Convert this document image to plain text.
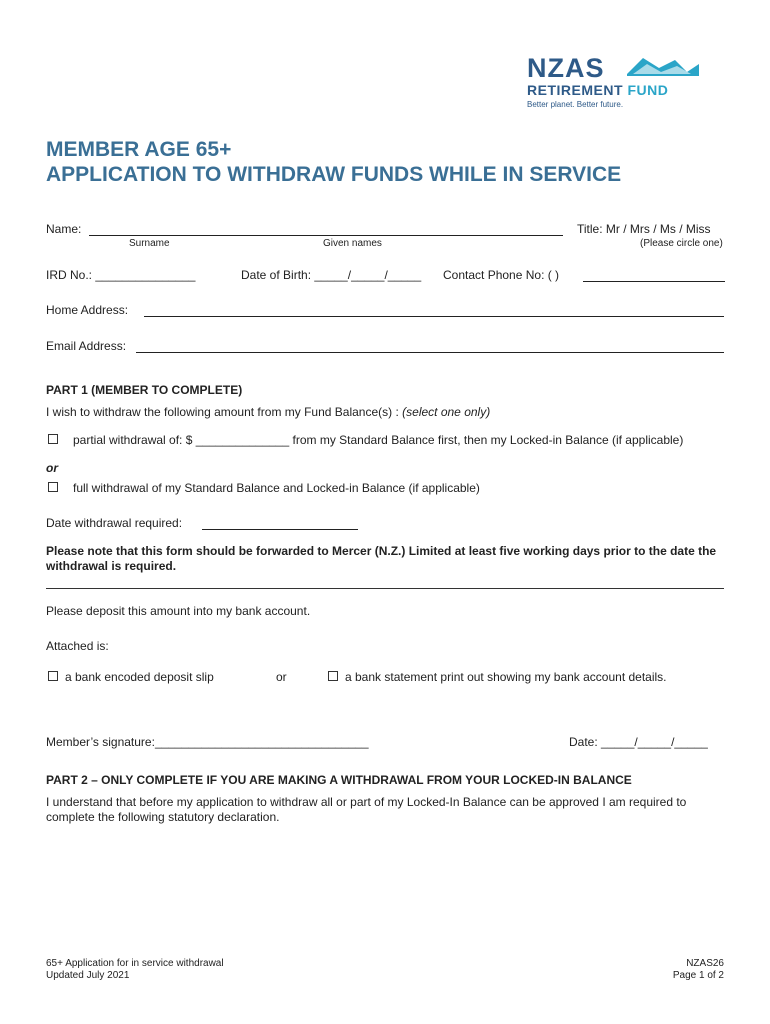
NZAS
RETIREMENT FUND
Better planet. Better future.
MEMBER AGE 65+
APPLICATION TO WITHDRAW FUNDS WHILE IN SERVICE
Name:	Title: Mr / Mrs / Ms / Miss
Surname	Given names	(Please circle one)
IRD No.: _______________	Date of Birth: _____/_____/_____ Contact Phone No: ( )
Home Address:
Email Address:
PART 1 (MEMBER TO COMPLETE)
I wish to withdraw the following amount from my Fund Balance(s) : (select one only)
partial withdrawal of: $ ______________ from my Standard Balance first, then my Locked-in Balance (if applicable)
or
full withdrawal of my Standard Balance and Locked-in Balance (if applicable)
Date withdrawal required:
Please note that this form should be forwarded to Mercer (N.Z.) Limited at least five working days prior to the date the withdrawal is required.
Please deposit this amount into my bank account.
Attached is:
a bank encoded deposit slip	or	a bank statement print out showing my bank account details.
Member’s signature:________________________________	Date: _____/_____/_____
PART 2 – ONLY COMPLETE IF YOU ARE MAKING A WITHDRAWAL FROM YOUR LOCKED-IN BALANCE
I understand that before my application to withdraw all or part of my Locked-In Balance can be approved I am required to complete the following statutory declaration.
65+ Application for in service withdrawal
Updated July 2021
NZAS26
Page 1 of 2
